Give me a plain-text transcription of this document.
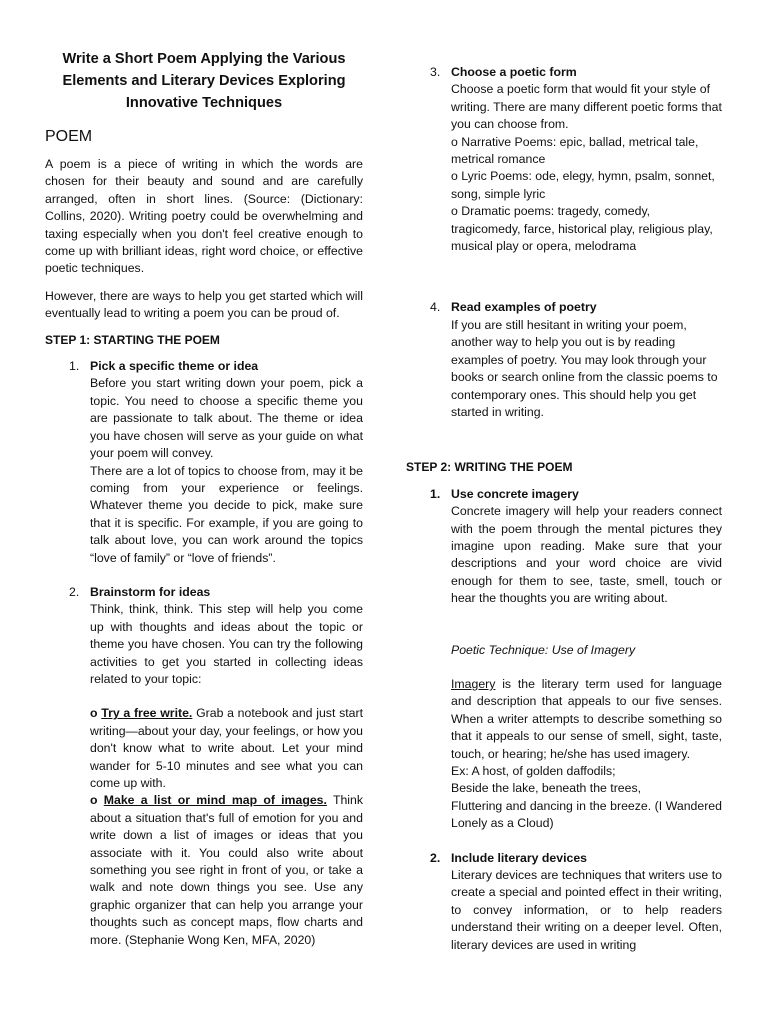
Write a Short Poem Applying the Various Elements and Literary Devices Exploring Innovative Techniques

POEM

A poem is a piece of writing in which the words are chosen for their beauty and sound and are carefully arranged, often in short lines. (Source: (Dictionary: Collins, 2020). Writing poetry could be overwhelming and taxing especially when you don't feel creative enough to come up with brilliant ideas, right word choice, or effective poetic techniques.

However, there are ways to help you get started which will eventually lead to writing a poem you can be proud of.

STEP 1: STARTING THE POEM

1. Pick a specific theme or idea

Before you start writing down your poem, pick a topic. You need to choose a specific theme you are passionate to talk about. The theme or idea you have chosen will serve as your guide on what your poem will convey.

There are a lot of topics to choose from, may it be coming from your experience or feelings. Whatever theme you decide to pick, make sure that it is specific. For example, if you are going to talk about love, you can work around the topics “love of family” or “love of friends”.

2. Brainstorm for ideas

Think, think, think. This step will help you come up with thoughts and ideas about the topic or theme you have chosen. You can try the following activities to get you started in collecting ideas related to your topic:

o Try a free write. Grab a notebook and just start writing—about your day, your feelings, or how you don't know what to write about. Let your mind wander for 5-10 minutes and see what you can come up with.

o Make a list or mind map of images. Think about a situation that's full of emotion for you and write down a list of images or ideas that you associate with it. You could also write about something you see right in front of you, or take a walk and note down things you see. Use any graphic organizer that can help you arrange your thoughts such as concept maps, flow charts and more. (Stephanie Wong Ken, MFA, 2020)

3. Choose a poetic form

Choose a poetic form that would fit your style of writing. There are many different poetic forms that you can choose from.

o Narrative Poems: epic, ballad, metrical tale, metrical romance

o Lyric Poems: ode, elegy, hymn, psalm, sonnet, song, simple lyric

o Dramatic poems: tragedy, comedy, tragicomedy, farce, historical play, religious play, musical play or opera, melodrama

4. Read examples of poetry

If you are still hesitant in writing your poem, another way to help you out is by reading examples of poetry. You may look through your books or search online from the classic poems to contemporary ones. This should help you get started in writing.

STEP 2: WRITING THE POEM

1. Use concrete imagery

Concrete imagery will help your readers connect with the poem through the mental pictures they imagine upon reading. Make sure that your descriptions and your word choice are vivid enough for them to see, taste, smell, touch or hear the thoughts you are writing about.

Poetic Technique: Use of Imagery

Imagery is the literary term used for language and description that appeals to our five senses. When a writer attempts to describe something so that it appeals to our sense of smell, sight, taste, touch, or hearing; he/she has used imagery.

Ex: A host, of golden daffodils;

Beside the lake, beneath the trees,

Fluttering and dancing in the breeze. (I Wandered Lonely as a Cloud)

2. Include literary devices

Literary devices are techniques that writers use to create a special and pointed effect in their writing, to convey information, or to help readers understand their writing on a deeper level. Often, literary devices are used in writing
